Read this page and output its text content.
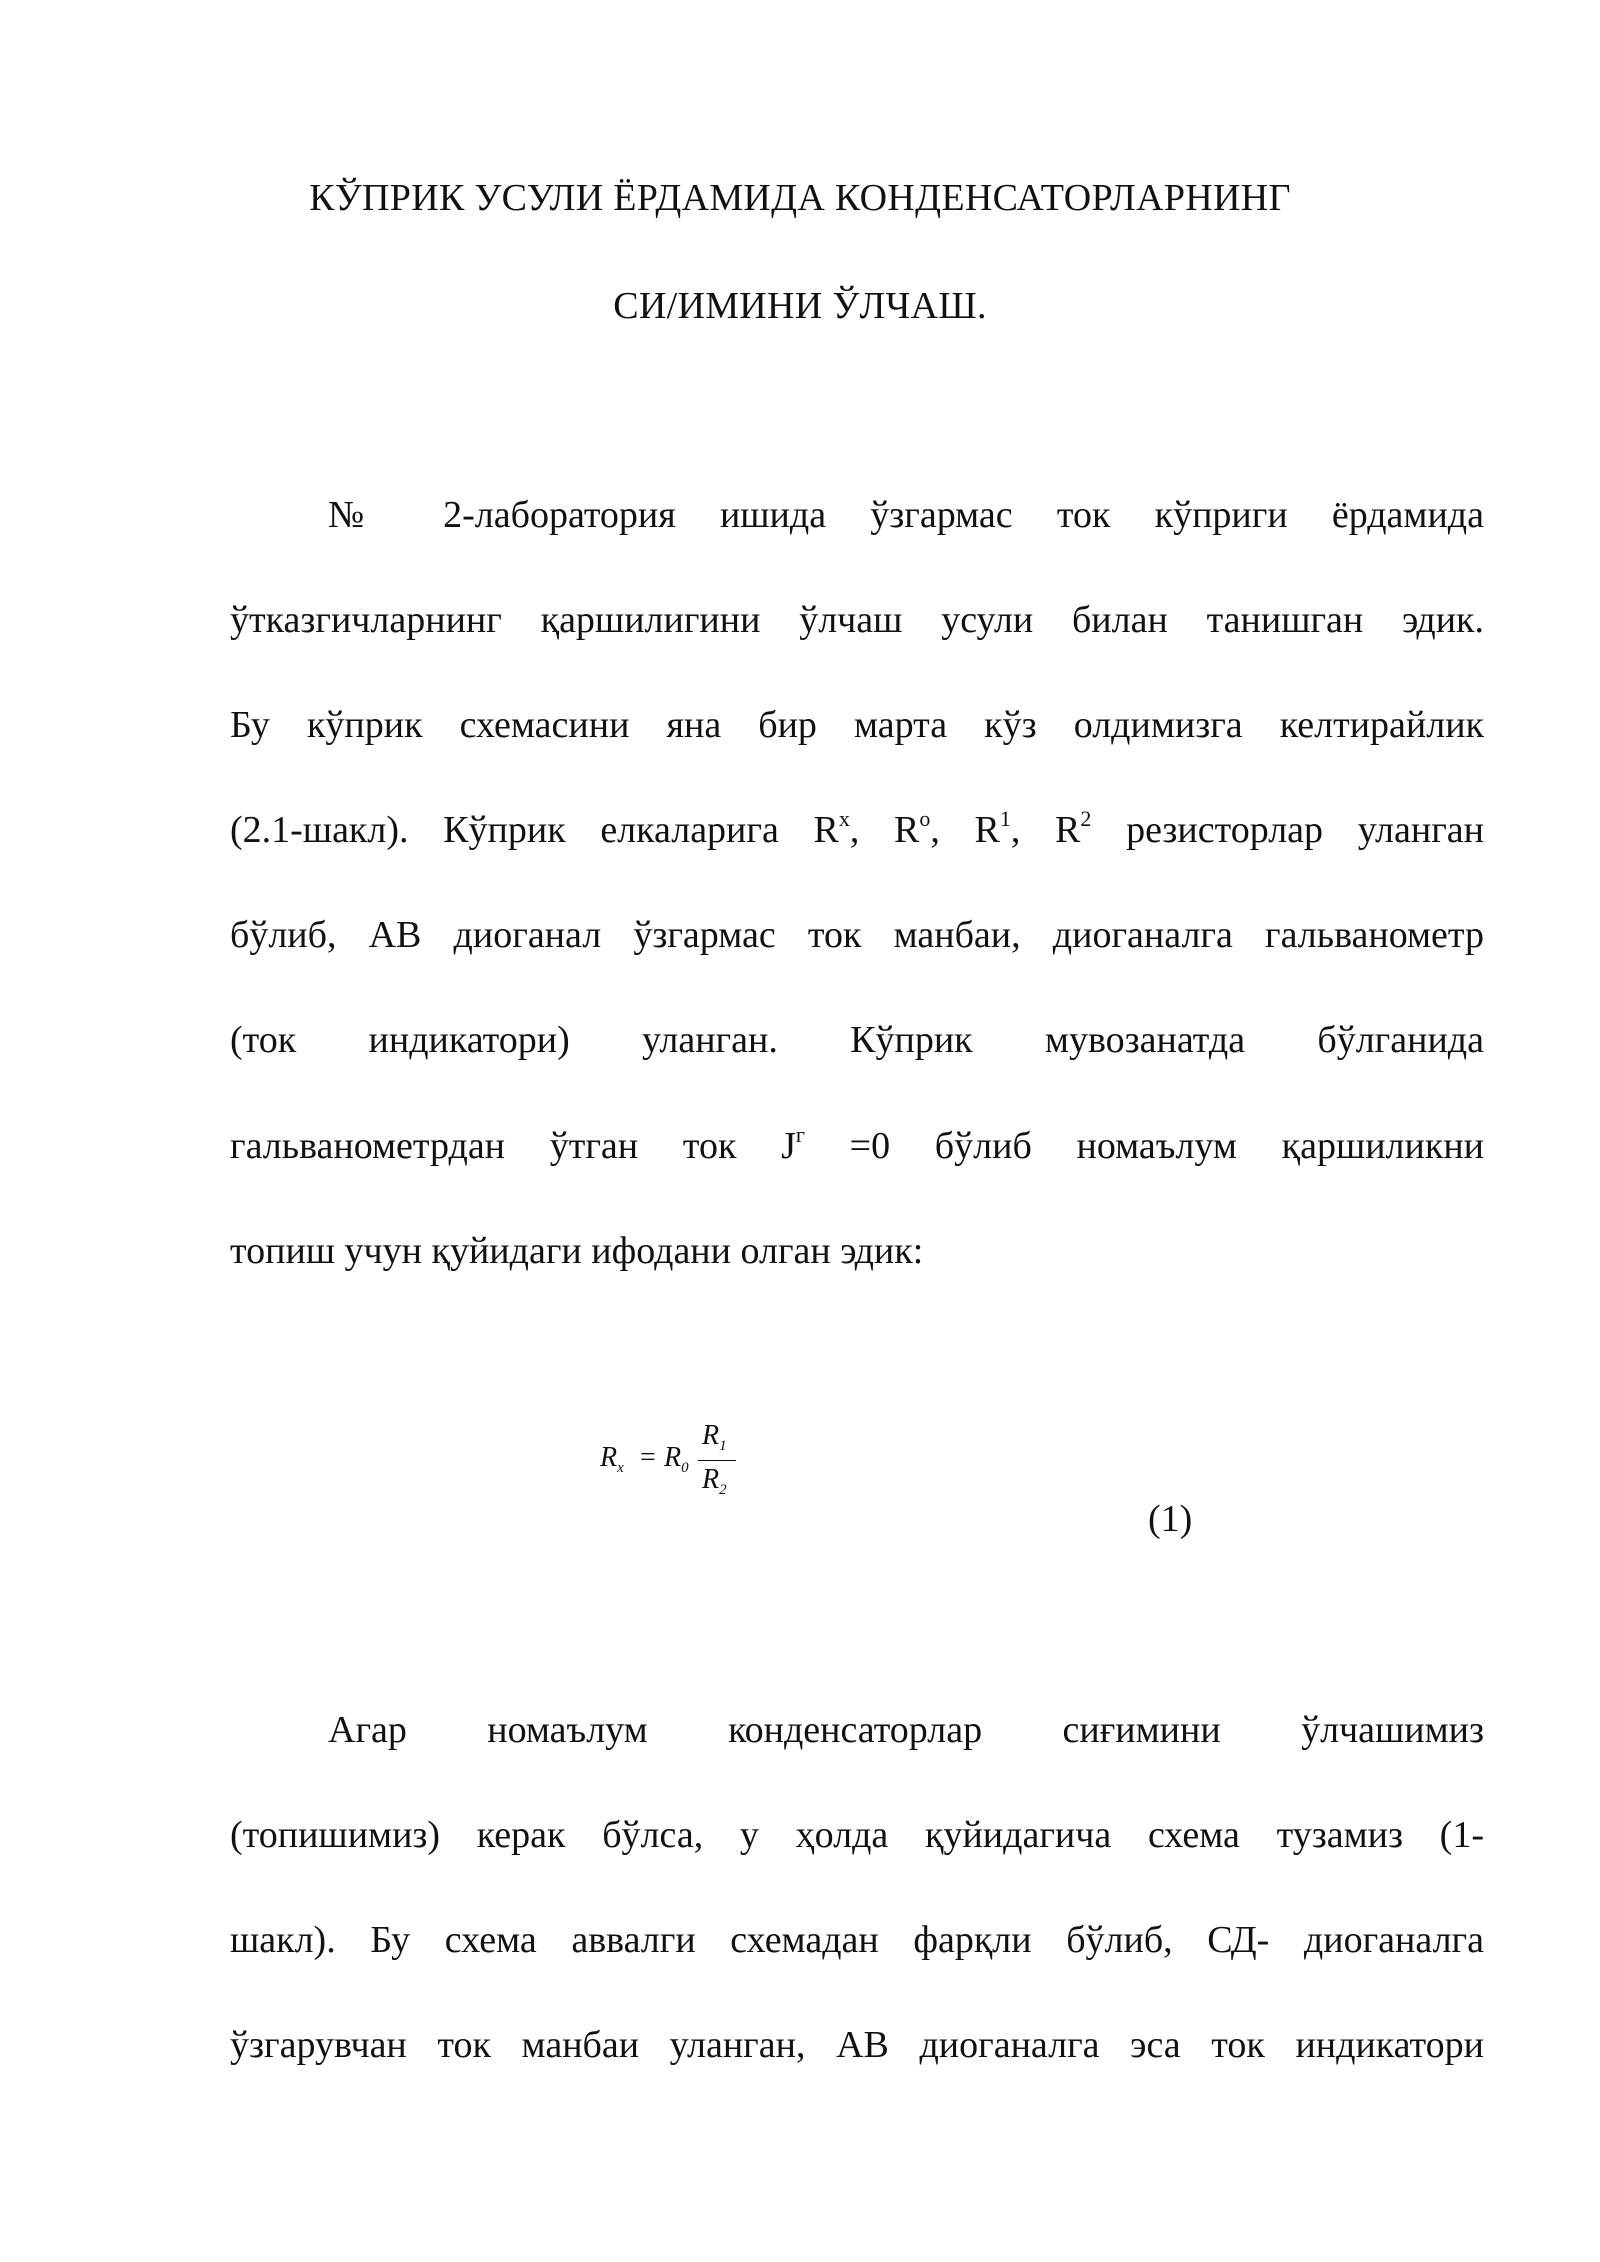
КЎПРИК УСУЛИ ЁРДАМИДА КОНДЕНСАТОРЛАРНИНГ
СИ/ИМИНИ ЎЛЧАШ.
№ 2-лаборатория ишида ўзгармас ток кўприги ёрдамида
ўтказгичларнинг қаршилигини ўлчаш усули билан танишган эдик.
Бу кўприк схемасини яна бир марта кўз олдимизга келтирайлик
(2.1-шакл). Кўприк елкаларига $R^x$, $R^o$, $R^1$, $R^2$ резисторлар уланган
бўлиб, АВ диоганал ўзгармас ток манбаи, диоганалга гальванометр
(ток индикатори) уланган. Кўприк мувозанатда бўлганида
гальванометрдан ўтган ток $J^г =0$ бўлиб номаълум қаршиликни
топиш учун қуйидаги ифодани олган эдик:
$R_x = R_0$
$R_1$
$R_2$
(1)
Агар номаълум конденсаторлар сиғимини ўлчашимиз
(топишимиз) керак бўлса, у ҳолда қуйидагича схема тузамиз (1-
шакл). Бу схема аввалги схемадан фарқли бўлиб, СД- диоганалга
ўзгарувчан ток манбаи уланган, АВ диоганалга эса ток индикатори
